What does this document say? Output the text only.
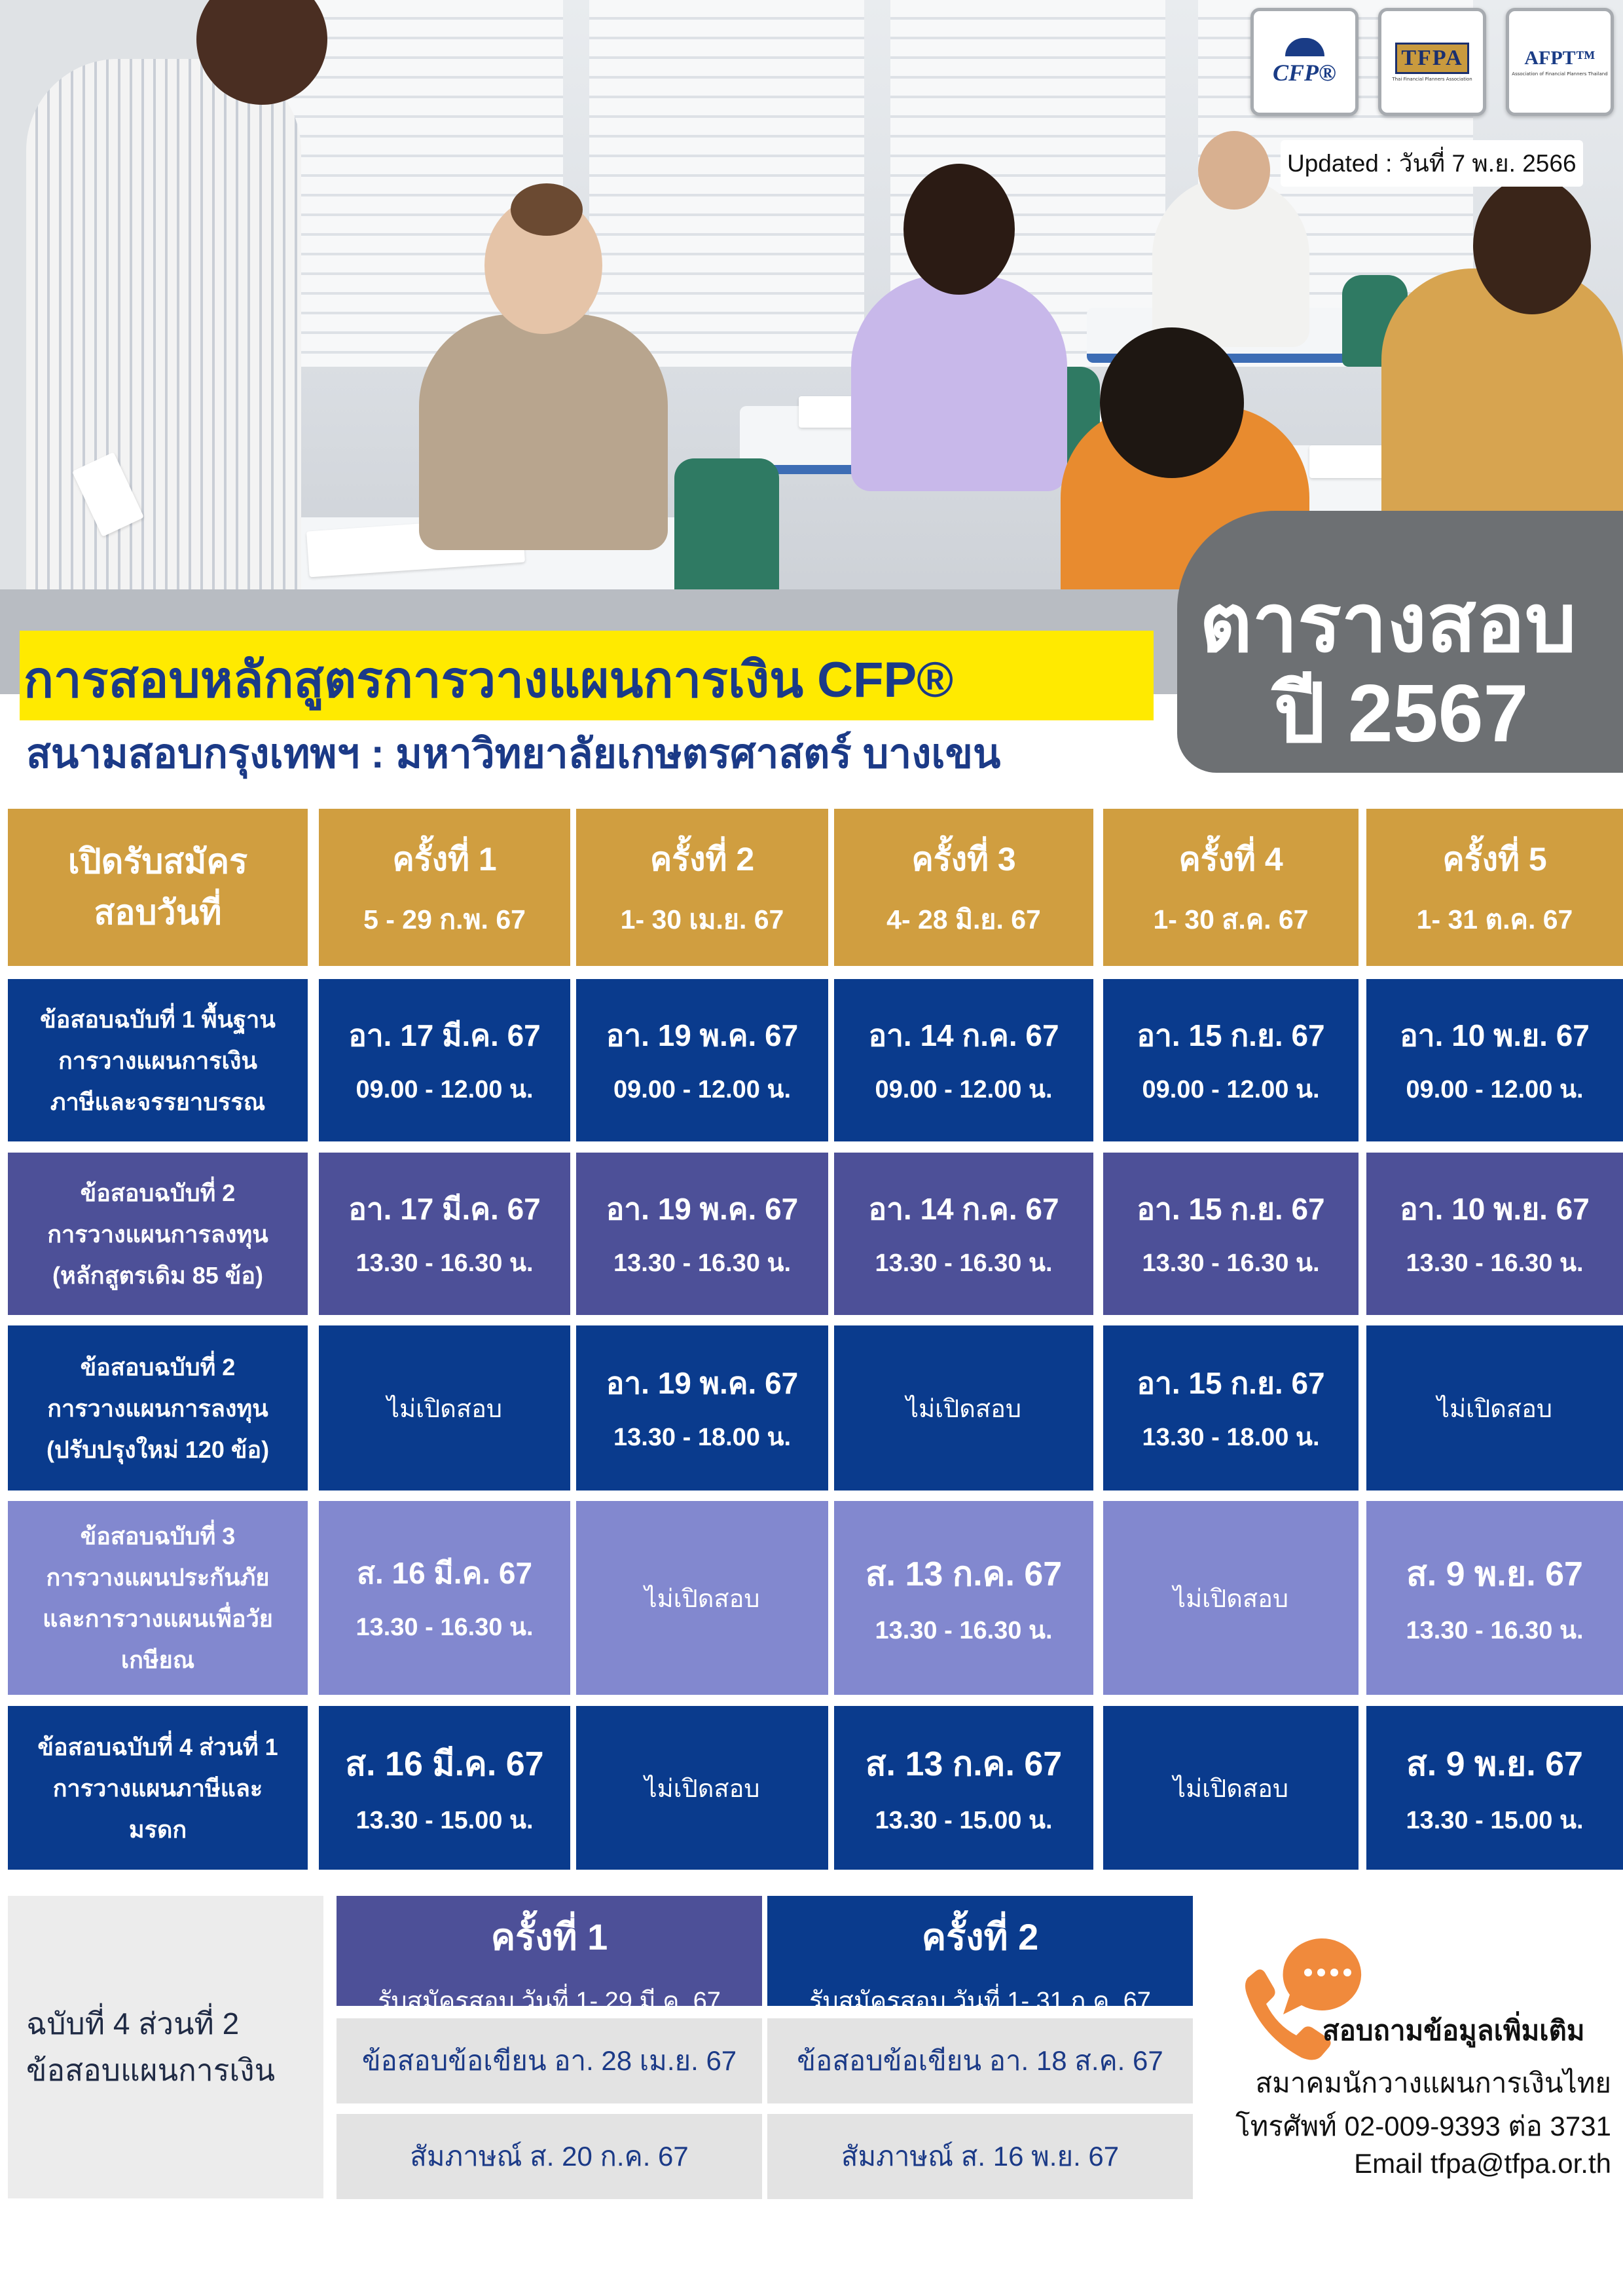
CFP®
TFPA
Thai Financial Planners Association
AFPT™
Association of Financial Planners Thailand
Updated : วันที่ 7 พ.ย. 2566
การสอบหลักสูตรการวางแผนการเงิน CFP®
สนามสอบกรุงเทพฯ : มหาวิทยาลัยเกษตรศาสตร์ บางเขน
ตารางสอบ
ปี 2567
เปิดรับสมัคร
สอบวันที่
ครั้งที่ 1
5 - 29 ก.พ. 67
ครั้งที่ 2
1- 30 เม.ย. 67
ครั้งที่ 3
4- 28 มิ.ย. 67
ครั้งที่ 4
1- 30 ส.ค. 67
ครั้งที่ 5
1- 31 ต.ค. 67
ข้อสอบฉบับที่ 1 พื้นฐาน
การวางแผนการเงิน
ภาษีและจรรยาบรรณ
อา. 17 มี.ค. 67
09.00 - 12.00 น.
อา. 19 พ.ค. 67
09.00 - 12.00 น.
อา. 14 ก.ค. 67
09.00 - 12.00 น.
อา. 15 ก.ย. 67
09.00 - 12.00 น.
อา. 10 พ.ย. 67
09.00 - 12.00 น.
ข้อสอบฉบับที่ 2
การวางแผนการลงทุน
(หลักสูตรเดิม 85 ข้อ)
อา. 17 มี.ค. 67
13.30 - 16.30 น.
อา. 19 พ.ค. 67
13.30 - 16.30 น.
อา. 14 ก.ค. 67
13.30 - 16.30 น.
อา. 15 ก.ย. 67
13.30 - 16.30 น.
อา. 10 พ.ย. 67
13.30 - 16.30 น.
ข้อสอบฉบับที่ 2
การวางแผนการลงทุน
(ปรับปรุงใหม่ 120 ข้อ)
ไม่เปิดสอบ
อา. 19 พ.ค. 67
13.30 - 18.00 น.
ไม่เปิดสอบ
อา. 15 ก.ย. 67
13.30 - 18.00 น.
ไม่เปิดสอบ
ข้อสอบฉบับที่ 3
การวางแผนประกันภัย
และการวางแผนเพื่อวัย
เกษียณ
ส. 16 มี.ค. 67
13.30 - 16.30 น.
ไม่เปิดสอบ
ส. 13 ก.ค. 67
13.30 - 16.30 น.
ไม่เปิดสอบ
ส. 9 พ.ย. 67
13.30 - 16.30 น.
ข้อสอบฉบับที่ 4 ส่วนที่ 1
การวางแผนภาษีและ
มรดก
ส. 16 มี.ค. 67
13.30 - 15.00 น.
ไม่เปิดสอบ
ส. 13 ก.ค. 67
13.30 - 15.00 น.
ไม่เปิดสอบ
ส. 9 พ.ย. 67
13.30 - 15.00 น.
ฉบับที่ 4 ส่วนที่ 2
ข้อสอบแผนการเงิน
ครั้งที่ 1
รับสมัครสอบ วันที่ 1- 29 มี.ค. 67
ครั้งที่ 2
รับสมัครสอบ วันที่ 1- 31 ก.ค. 67
ข้อสอบข้อเขียน อา. 28 เม.ย. 67	ข้อสอบข้อเขียน อา. 18 ส.ค. 67
สัมภาษณ์ ส. 20 ก.ค. 67	สัมภาษณ์ ส. 16 พ.ย. 67
สอบถามข้อมูลเพิ่มเติม
สมาคมนักวางแผนการเงินไทย
โทรศัพท์ 02-009-9393 ต่อ 3731
Email tfpa@tfpa.or.th
